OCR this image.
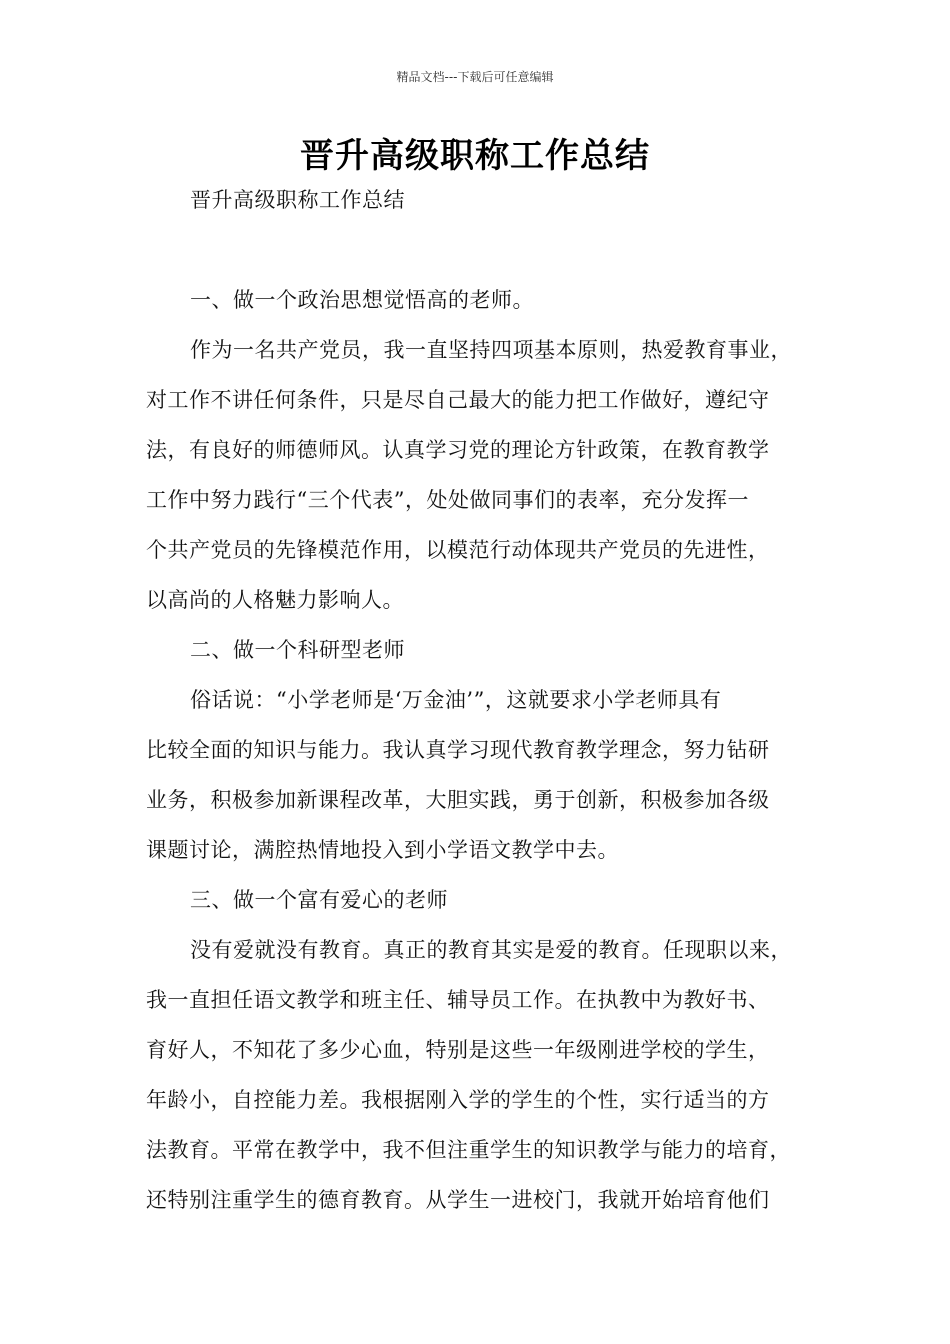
精品文档---下载后可任意编辑
晋升高级职称工作总结
晋升高级职称工作总结
一、做一个政治思想觉悟高的老师。
作为一名共产党员，我一直坚持四项基本原则，热爱教育事业，
对工作不讲任何条件，只是尽自己最大的能力把工作做好，遵纪守
法，有良好的师德师风。认真学习党的理论方针政策，在教育教学
工作中努力践行“三个代表”，处处做同事们的表率，充分发挥一
个共产党员的先锋模范作用，以模范行动体现共产党员的先进性，
以高尚的人格魅力影响人。
二、做一个科研型老师
俗话说：“小学老师是‘万金油’”，这就要求小学老师具有
比较全面的知识与能力。我认真学习现代教育教学理念，努力钻研
业务，积极参加新课程改革，大胆实践，勇于创新，积极参加各级
课题讨论，满腔热情地投入到小学语文教学中去。
三、做一个富有爱心的老师
没有爱就没有教育。真正的教育其实是爱的教育。任现职以来，
我一直担任语文教学和班主任、辅导员工作。在执教中为教好书、
育好人，不知花了多少心血，特别是这些一年级刚进学校的学生，
年龄小，自控能力差。我根据刚入学的学生的个性，实行适当的方
法教育。平常在教学中，我不但注重学生的知识教学与能力的培育，
还特别注重学生的德育教育。从学生一进校门，我就开始培育他们
